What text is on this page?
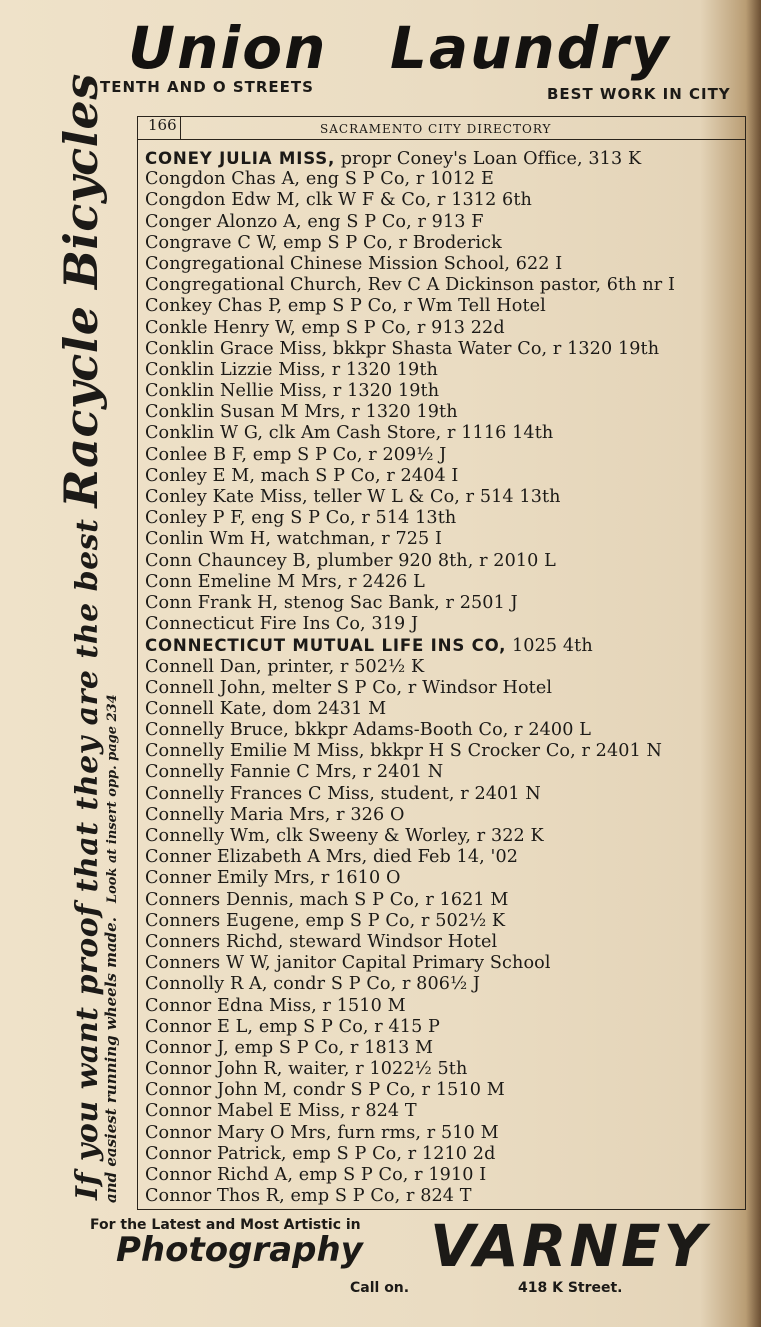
Union Laundry
TENTH AND O STREETS	BEST WORK IN CITY
166	SACRAMENTO CITY DIRECTORY
If you want proof that they are the best Racycle Bicycles
and easiest running wheels made.Look at insert opp. page 234
CONEY JULIA MISS, propr Coney's Loan Office, 313 K
Congdon Chas A, eng S P Co, r 1012 E
Congdon Edw M, clk W F & Co, r 1312 6th
Conger Alonzo A, eng S P Co, r 913 F
Congrave C W, emp S P Co, r Broderick
Congregational Chinese Mission School, 622 I
Congregational Church, Rev C A Dickinson pastor, 6th nr I
Conkey Chas P, emp S P Co, r Wm Tell Hotel
Conkle Henry W, emp S P Co, r 913 22d
Conklin Grace Miss, bkkpr Shasta Water Co, r 1320 19th
Conklin Lizzie Miss, r 1320 19th
Conklin Nellie Miss, r 1320 19th
Conklin Susan M Mrs, r 1320 19th
Conklin W G, clk Am Cash Store, r 1116 14th
Conlee B F, emp S P Co, r 209½ J
Conley E M, mach S P Co, r 2404 I
Conley Kate Miss, teller W L & Co, r 514 13th
Conley P F, eng S P Co, r 514 13th
Conlin Wm H, watchman, r 725 I
Conn Chauncey B, plumber 920 8th, r 2010 L
Conn Emeline M Mrs, r 2426 L
Conn Frank H, stenog Sac Bank, r 2501 J
Connecticut Fire Ins Co, 319 J
CONNECTICUT MUTUAL LIFE INS CO, 1025 4th
Connell Dan, printer, r 502½ K
Connell John, melter S P Co, r Windsor Hotel
Connell Kate, dom 2431 M
Connelly Bruce, bkkpr Adams-Booth Co, r 2400 L
Connelly Emilie M Miss, bkkpr H S Crocker Co, r 2401 N
Connelly Fannie C Mrs, r 2401 N
Connelly Frances C Miss, student, r 2401 N
Connelly Maria Mrs, r 326 O
Connelly Wm, clk Sweeny & Worley, r 322 K
Conner Elizabeth A Mrs, died Feb 14, '02
Conner Emily Mrs, r 1610 O
Conners Dennis, mach S P Co, r 1621 M
Conners Eugene, emp S P Co, r 502½ K
Conners Richd, steward Windsor Hotel
Conners W W, janitor Capital Primary School
Connolly R A, condr S P Co, r 806½ J
Connor Edna Miss, r 1510 M
Connor E L, emp S P Co, r 415 P
Connor J, emp S P Co, r 1813 M
Connor John R, waiter, r 1022½ 5th
Connor John M, condr S P Co, r 1510 M
Connor Mabel E Miss, r 824 T
Connor Mary O Mrs, furn rms, r 510 M
Connor Patrick, emp S P Co, r 1210 2d
Connor Richd A, emp S P Co, r 1910 I
Connor Thos R, emp S P Co, r 824 T
For the Latest and Most Artistic in
Photography VARNEY
Call on.	418 K Street.
